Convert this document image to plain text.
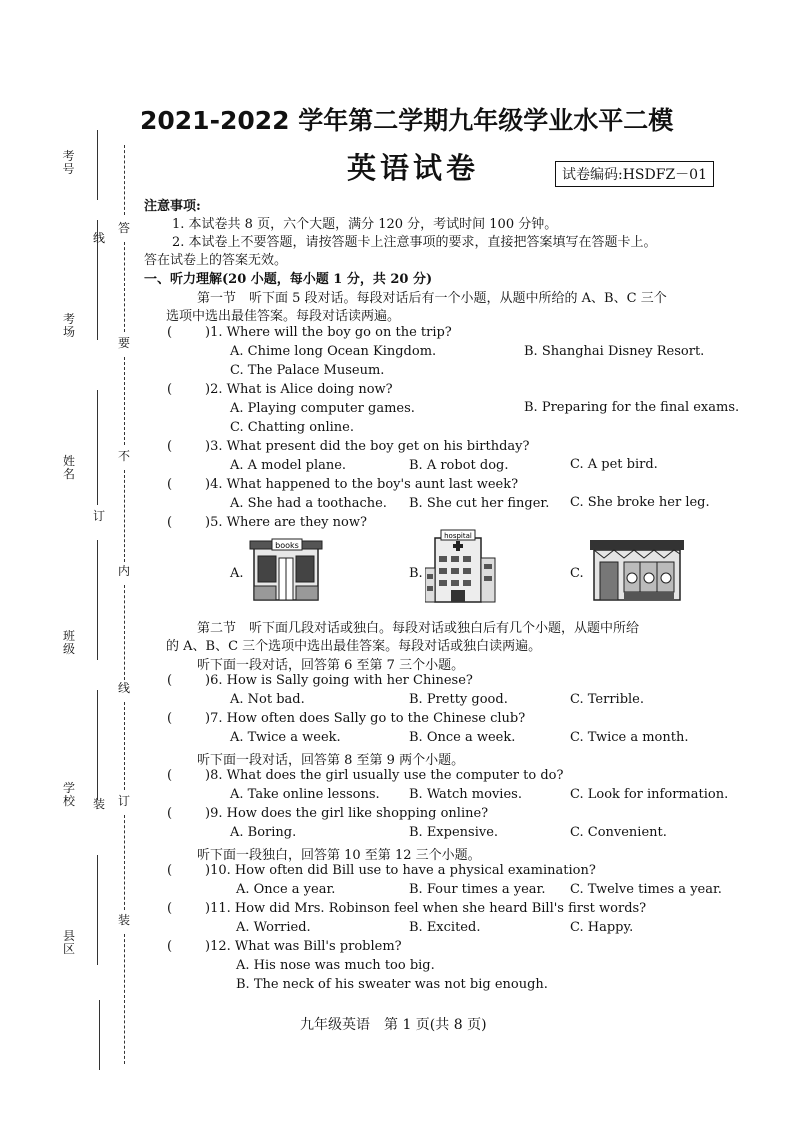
考号
考场
姓名
班级
学校
县区
线
订
装
答
要
不
内
线
订
装
2021-2022 学年第二学期九年级学业水平二模
英语试卷	试卷编码:HSDFZ－01
注意事项:
1. 本试卷共 8 页，六个大题，满分 120 分，考试时间 100 分钟。
2. 本试卷上不要答题，请按答题卡上注意事项的要求，直接把答案填写在答题卡上。
答在试卷上的答案无效。
一、听力理解(20 小题，每小题 1 分，共 20 分)
第一节　听下面 5 段对话。每段对话后有一个小题，从题中所给的 A、B、C 三个
选项中选出最佳答案。每段对话读两遍。
(	)1. Where will the boy go on the trip?
A. Chime long Ocean Kingdom.	B. Shanghai Disney Resort.
C. The Palace Museum.
(	)2. What is Alice doing now?
A. Playing computer games.	B. Preparing for the final exams.
C. Chatting online.
(	)3. What present did the boy get on his birthday?
A. A model plane.	B. A robot dog.	C. A pet bird.
(	)4. What happened to the boy's aunt last week?
A. She had a toothache. B. She cut her finger. C. She broke her leg.
(	)5. Where are they now?
A.
books
B.
hospital
C.
第二节　听下面几段对话或独白。每段对话或独白后有几个小题，从题中所给
的 A、B、C 三个选项中选出最佳答案。每段对话或独白读两遍。
听下面一段对话，回答第 6 至第 7 三个小题。
(	)6. How is Sally going with her Chinese?
A. Not bad.	B. Pretty good.	C. Terrible.
(	)7. How often does Sally go to the Chinese club?
A. Twice a week.	B. Once a week.	C. Twice a month.
听下面一段对话，回答第 8 至第 9 两个小题。
(	)8. What does the girl usually use the computer to do?
A. Take online lessons. B. Watch movies.	C. Look for information.
(	)9. How does the girl like shopping online?
A. Boring.	B. Expensive.	C. Convenient.
听下面一段独白，回答第 10 至第 12 三个小题。
(	)10. How often did Bill use to have a physical examination?
A. Once a year.	B. Four times a year. C. Twelve times a year.
(	)11. How did Mrs. Robinson feel when she heard Bill's first words?
A. Worried.	B. Excited.	C. Happy.
(	)12. What was Bill's problem?
A. His nose was much too big.
B. The neck of his sweater was not big enough.
九年级英语　第 1 页(共 8 页)
